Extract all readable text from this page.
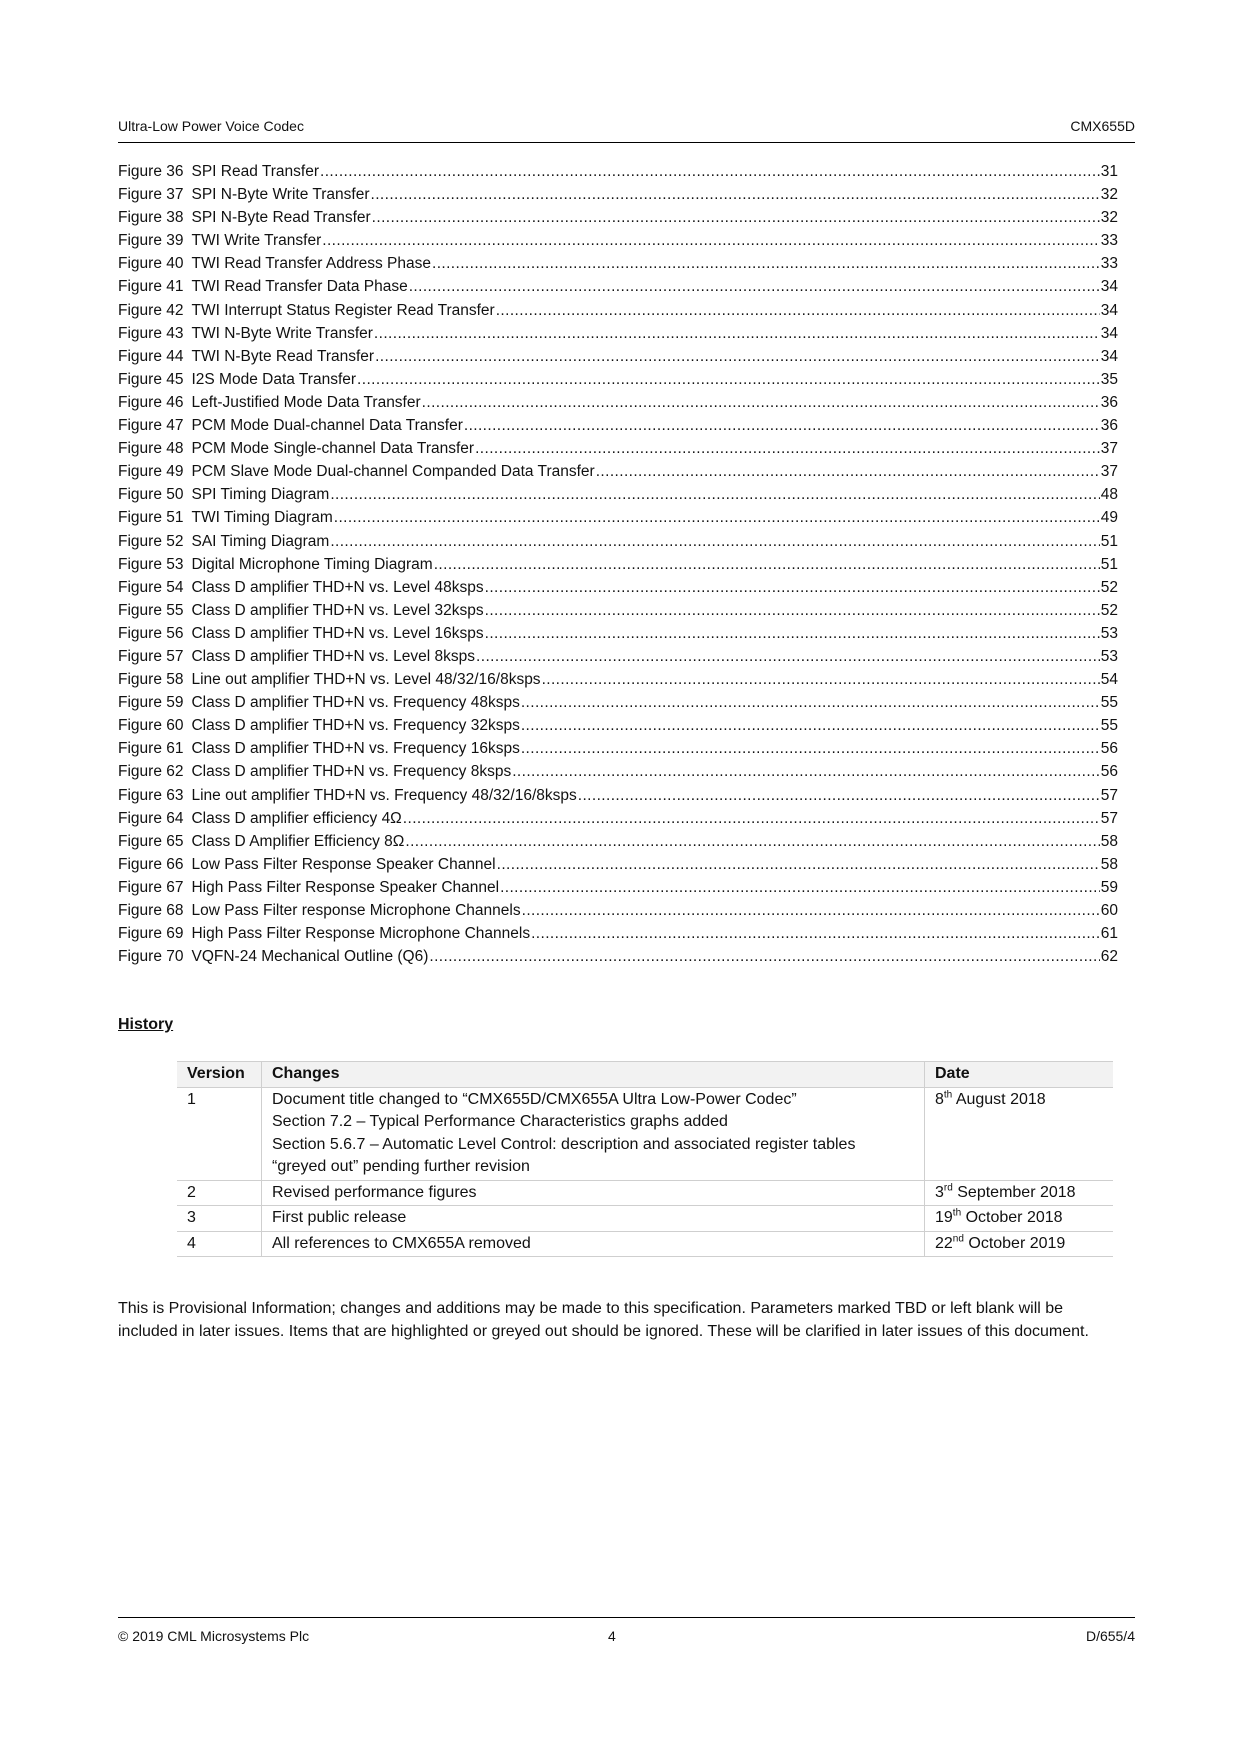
Ultra-Low Power Voice Codec	CMX655D
Figure 36 SPI Read Transfer .....	31
Figure 37 SPI N-Byte Write Transfer .....	32
Figure 38 SPI N-Byte Read Transfer .....	32
Figure 39 TWI Write Transfer .....	33
Figure 40 TWI Read Transfer Address Phase .....	33
Figure 41 TWI Read Transfer Data Phase .....	34
Figure 42 TWI Interrupt Status Register Read Transfer .....	34
Figure 43 TWI N-Byte Write Transfer .....	34
Figure 44 TWI N-Byte Read Transfer .....	34
Figure 45 I2S Mode Data Transfer .....	35
Figure 46 Left-Justified Mode Data Transfer .....	36
Figure 47 PCM Mode Dual-channel Data Transfer .....	36
Figure 48 PCM Mode Single-channel Data Transfer .....	37
Figure 49 PCM Slave Mode Dual-channel Companded Data Transfer .....	37
Figure 50 SPI Timing Diagram .....	48
Figure 51 TWI Timing Diagram .....	49
Figure 52 SAI Timing Diagram .....	51
Figure 53 Digital Microphone Timing Diagram .....	51
Figure 54 Class D amplifier THD+N vs. Level 48ksps .....	52
Figure 55 Class D amplifier THD+N vs. Level 32ksps .....	52
Figure 56 Class D amplifier THD+N vs. Level 16ksps .....	53
Figure 57 Class D amplifier THD+N vs. Level 8ksps .....	53
Figure 58 Line out amplifier THD+N vs. Level 48/32/16/8ksps .....	54
Figure 59 Class D amplifier THD+N vs. Frequency 48ksps .....	55
Figure 60 Class D amplifier THD+N vs. Frequency 32ksps .....	55
Figure 61 Class D amplifier THD+N vs. Frequency 16ksps .....	56
Figure 62 Class D amplifier THD+N vs. Frequency 8ksps .....	56
Figure 63 Line out amplifier THD+N vs. Frequency 48/32/16/8ksps .....	57
Figure 64 Class D amplifier efficiency 4Ω .....	57
Figure 65 Class D Amplifier Efficiency 8Ω .....	58
Figure 66 Low Pass Filter Response Speaker Channel .....	58
Figure 67 High Pass Filter Response Speaker Channel .....	59
Figure 68 Low Pass Filter response Microphone Channels .....	60
Figure 69 High Pass Filter Response Microphone Channels .....	61
Figure 70 VQFN-24 Mechanical Outline (Q6) .....	62
History
Version	Changes	Date
1	Document title changed to “CMX655D/CMX655A Ultra Low-Power Codec”
Section 7.2 – Typical Performance Characteristics graphs added
Section 5.6.7 – Automatic Level Control: description and associated register tables
“greyed out” pending further revision	8th August 2018
2	Revised performance figures	3rd September 2018
3	First public release	19th October 2018
4	All references to CMX655A removed	22nd October 2019
This is Provisional Information; changes and additions may be made to this specification. Parameters marked TBD or left blank will be included in later issues. Items that are highlighted or greyed out should be ignored. These will be clarified in later issues of this document.
© 2019 CML Microsystems Plc	4	D/655/4
